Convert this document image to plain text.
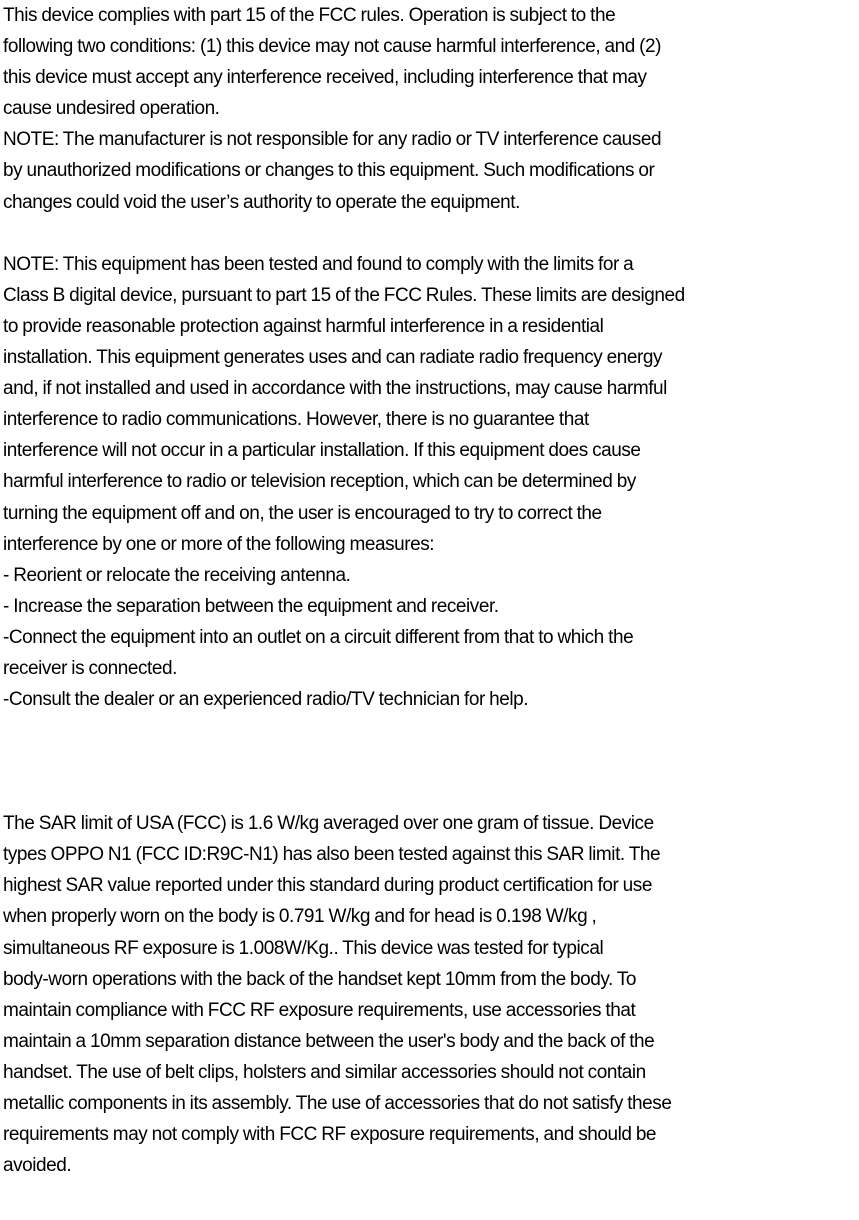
This device complies with part 15 of the FCC rules. Operation is subject to the
following two conditions: (1) this device may not cause harmful interference, and (2)
this device must accept any interference received, including interference that may
cause undesired operation.
NOTE: The manufacturer is not responsible for any radio or TV interference caused
by unauthorized modifications or changes to this equipment. Such modifications or
changes could void the user’s authority to operate the equipment.
NOTE: This equipment has been tested and found to comply with the limits for a
Class B digital device, pursuant to part 15 of the FCC Rules. These limits are designed
to provide reasonable protection against harmful interference in a residential
installation. This equipment generates uses and can radiate radio frequency energy
and, if not installed and used in accordance with the instructions, may cause harmful
interference to radio communications. However, there is no guarantee that
interference will not occur in a particular installation. If this equipment does cause
harmful interference to radio or television reception, which can be determined by
turning the equipment off and on, the user is encouraged to try to correct the
interference by one or more of the following measures:
- Reorient or relocate the receiving antenna.
- Increase the separation between the equipment and receiver.
-Connect the equipment into an outlet on a circuit different from that to which the
receiver is connected.
-Consult the dealer or an experienced radio/TV technician for help.
The SAR limit of USA (FCC) is 1.6 W/kg averaged over one gram of tissue. Device
types OPPO N1 (FCC ID:R9C-N1) has also been tested against this SAR limit. The
highest SAR value reported under this standard during product certification for use
when properly worn on the body is 0.791 W/kg and for head is 0.198 W/kg ,
simultaneous RF exposure is 1.008W/Kg.. This device was tested for typical
body-worn operations with the back of the handset kept 10mm from the body. To
maintain compliance with FCC RF exposure requirements, use accessories that
maintain a 10mm separation distance between the user's body and the back of the
handset. The use of belt clips, holsters and similar accessories should not contain
metallic components in its assembly. The use of accessories that do not satisfy these
requirements may not comply with FCC RF exposure requirements, and should be
avoided.
